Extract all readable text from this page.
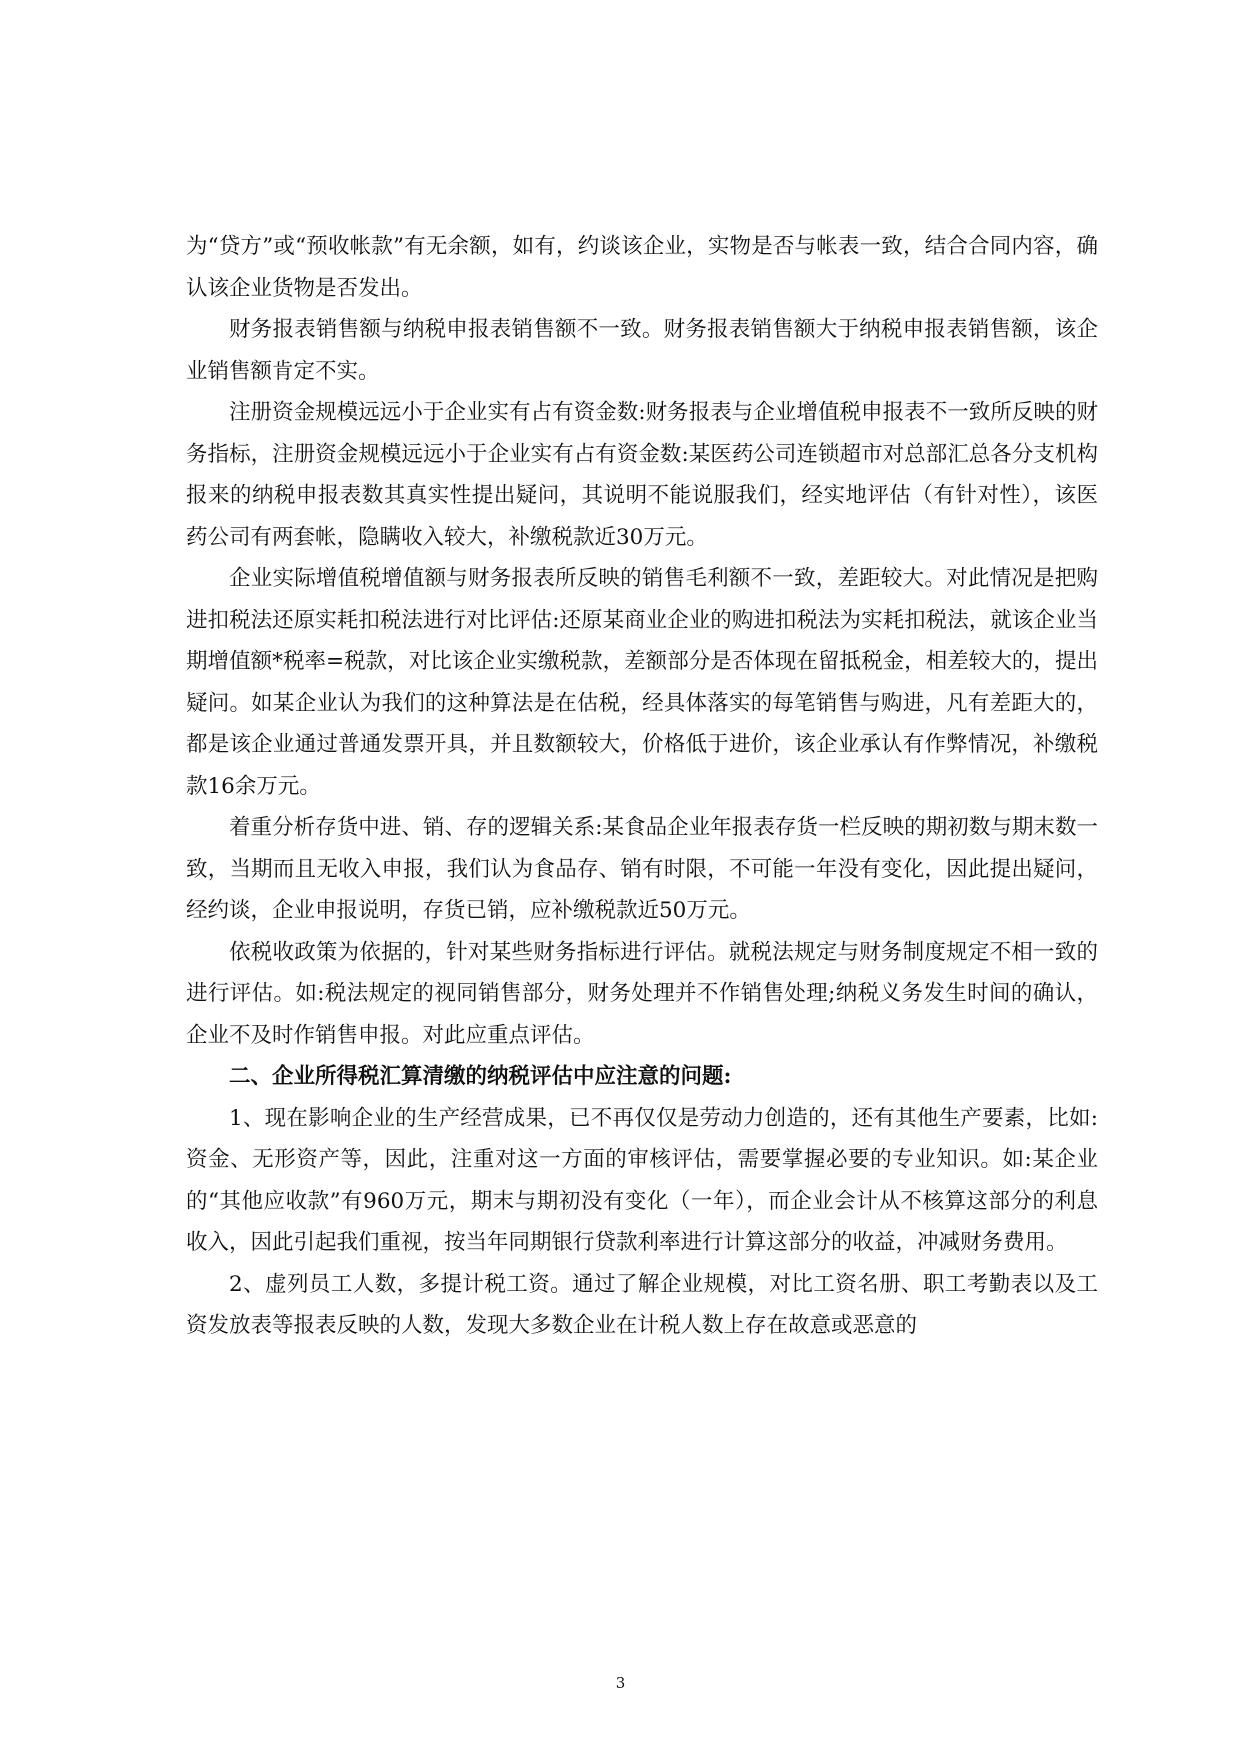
为“贷方”或“预收帐款”有无余额，如有，约谈该企业，实物是否与帐表一致，结合合同内容，确认该企业货物是否发出。

财务报表销售额与纳税申报表销售额不一致。财务报表销售额大于纳税申报表销售额，该企业销售额肯定不实。

注册资金规模远远小于企业实有占有资金数:财务报表与企业增值税申报表不一致所反映的财务指标，注册资金规模远远小于企业实有占有资金数:某医药公司连锁超市对总部汇总各分支机构报来的纳税申报表数其真实性提出疑问，其说明不能说服我们，经实地评估（有针对性），该医药公司有两套帐，隐瞒收入较大，补缴税款近30万元。

企业实际增值税增值额与财务报表所反映的销售毛利额不一致，差距较大。对此情况是把购进扣税法还原实耗扣税法进行对比评估:还原某商业企业的购进扣税法为实耗扣税法，就该企业当期增值额*税率=税款，对比该企业实缴税款，差额部分是否体现在留抵税金，相差较大的，提出疑问。如某企业认为我们的这种算法是在估税，经具体落实的每笔销售与购进，凡有差距大的，都是该企业通过普通发票开具，并且数额较大，价格低于进价，该企业承认有作弊情况，补缴税款16余万元。

着重分析存货中进、销、存的逻辑关系:某食品企业年报表存货一栏反映的期初数与期末数一致，当期而且无收入申报，我们认为食品存、销有时限，不可能一年没有变化，因此提出疑问，经约谈，企业申报说明，存货已销，应补缴税款近50万元。

依税收政策为依据的，针对某些财务指标进行评估。就税法规定与财务制度规定不相一致的进行评估。如:税法规定的视同销售部分，财务处理并不作销售处理;纳税义务发生时间的确认，企业不及时作销售申报。对此应重点评估。

二、企业所得税汇算清缴的纳税评估中应注意的问题:

1、现在影响企业的生产经营成果，已不再仅仅是劳动力创造的，还有其他生产要素，比如:资金、无形资产等，因此，注重对这一方面的审核评估，需要掌握必要的专业知识。如:某企业的“其他应收款”有960万元，期末与期初没有变化（一年），而企业会计从不核算这部分的利息收入，因此引起我们重视，按当年同期银行贷款利率进行计算这部分的收益，冲减财务费用。

2、虚列员工人数，多提计税工资。通过了解企业规模，对比工资名册、职工考勤表以及工资发放表等报表反映的人数，发现大多数企业在计税人数上存在故意或恶意的

3
